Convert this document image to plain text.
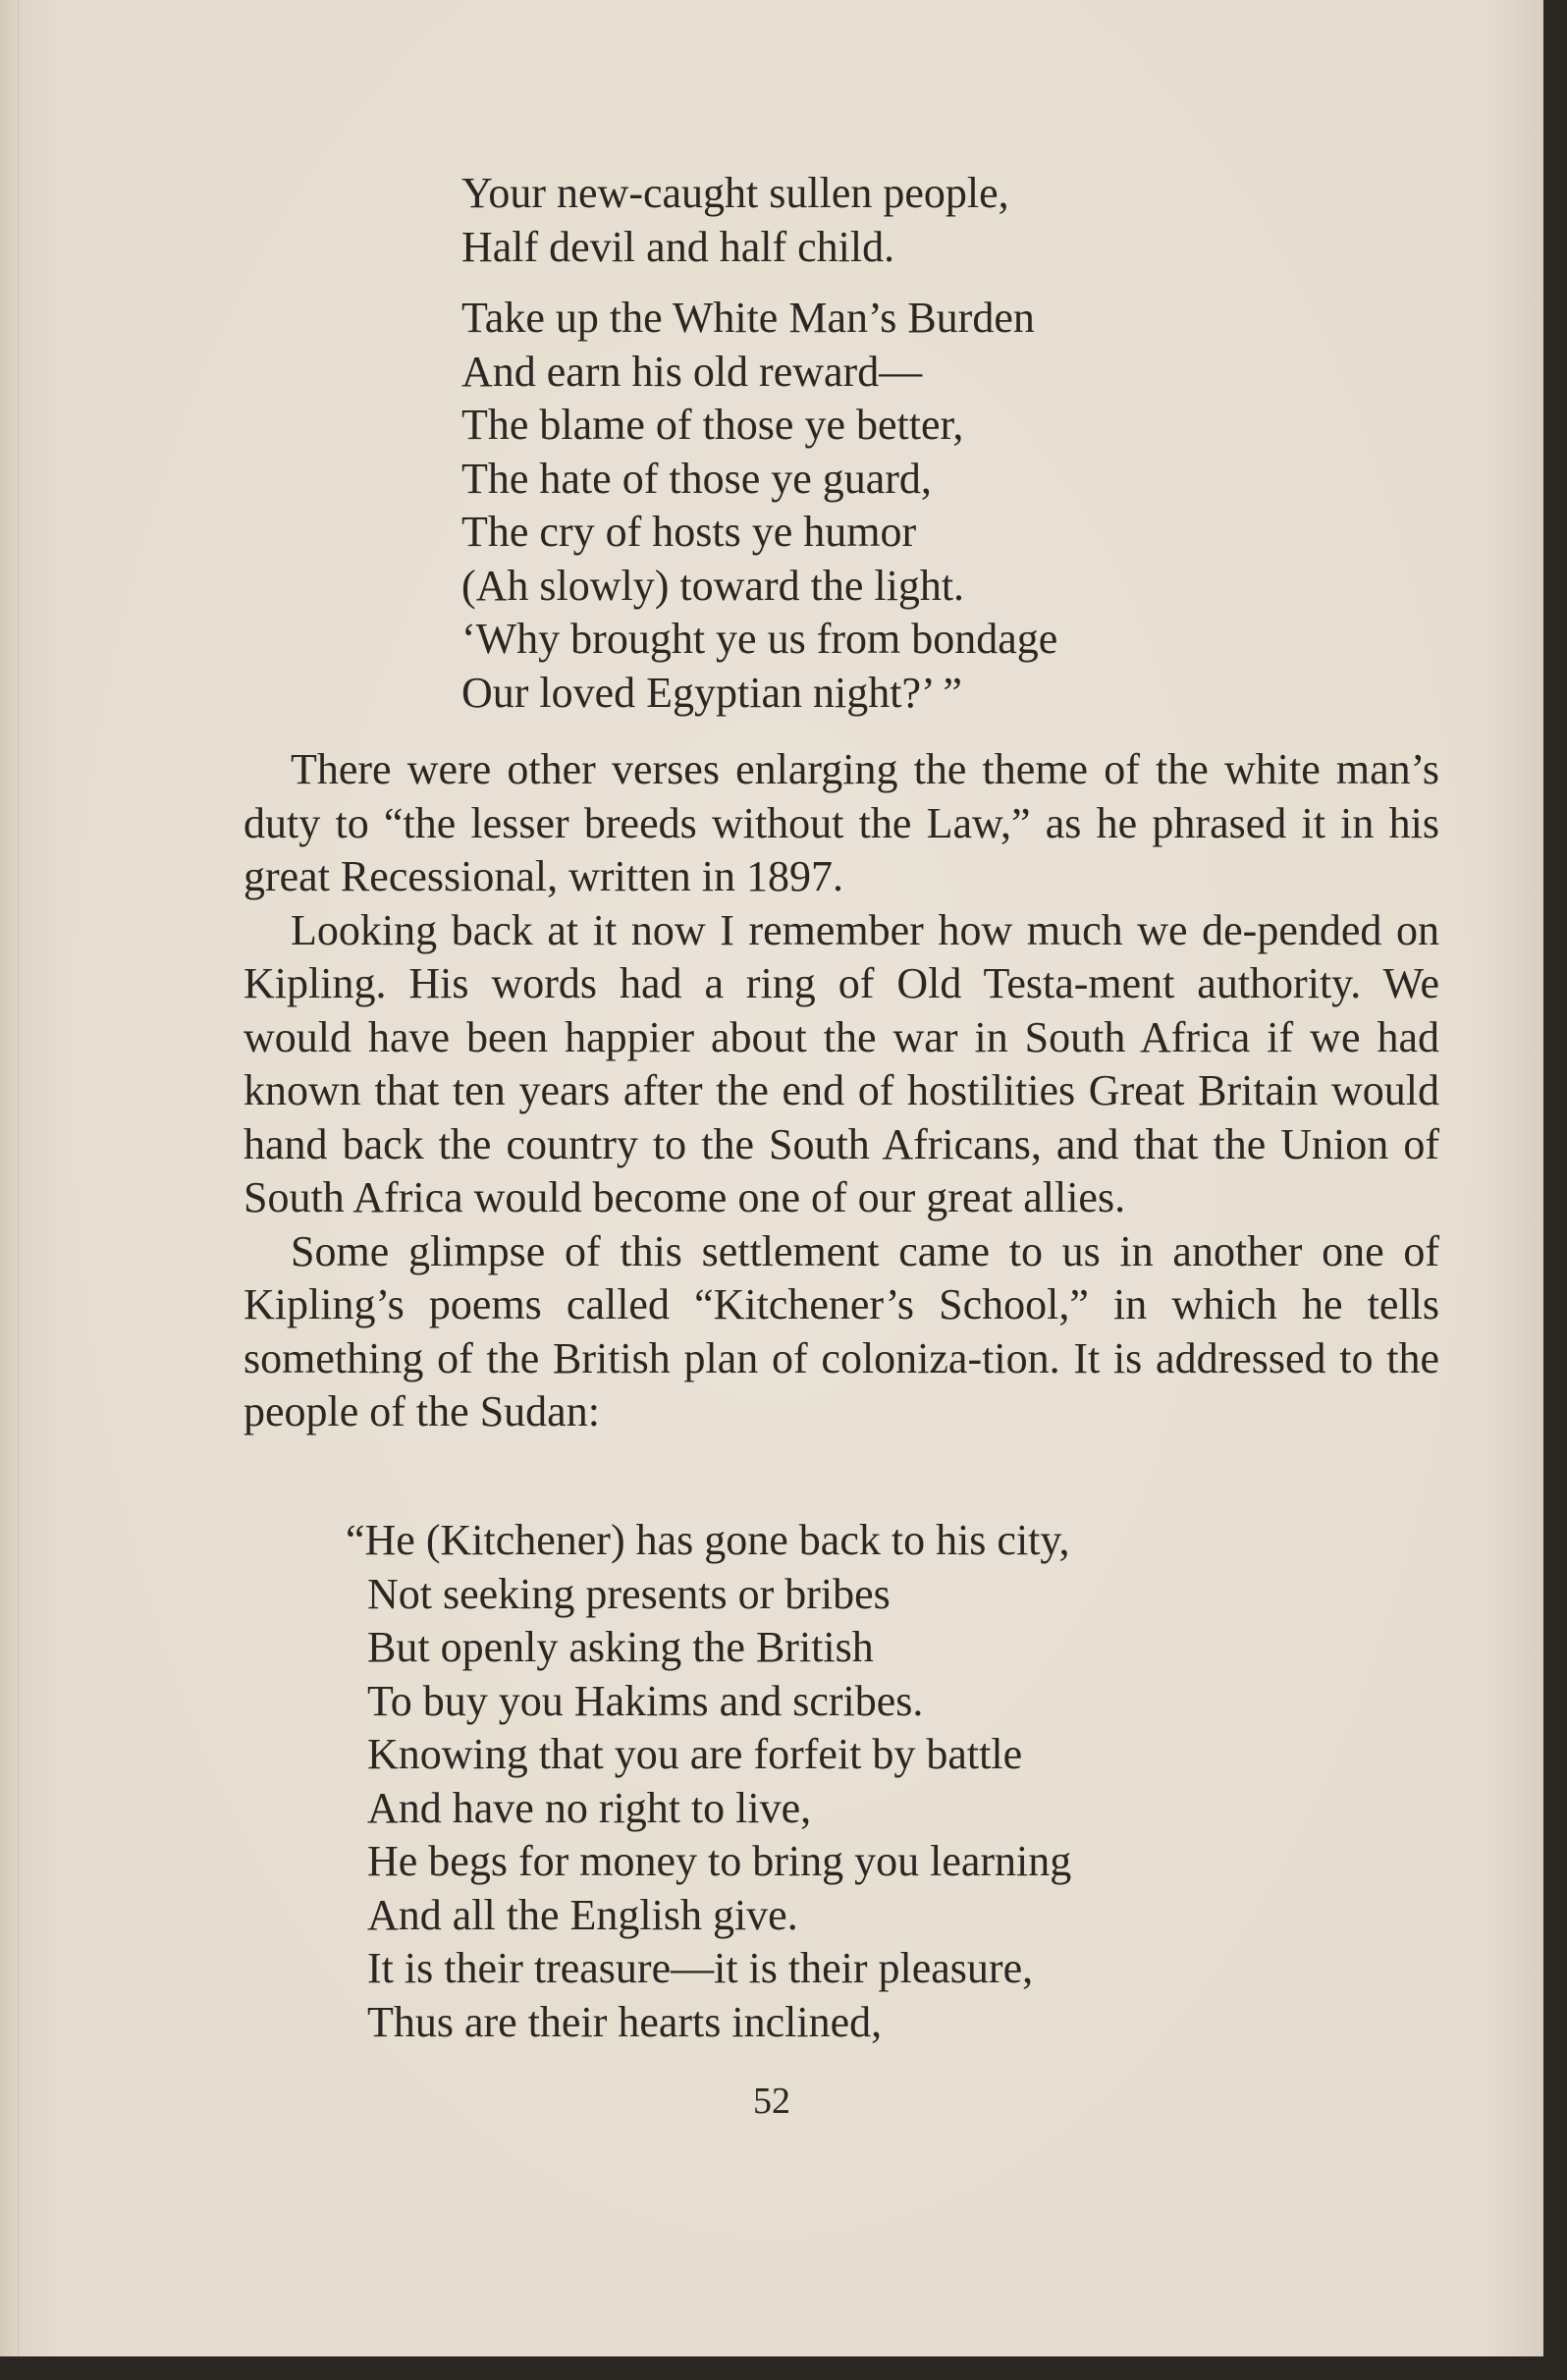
Your new-caught sullen people,
Half devil and half child.
Take up the White Man’s Burden
And earn his old reward—
The blame of those ye better,
The hate of those ye guard,
The cry of hosts ye humor
(Ah slowly) toward the light.
‘Why brought ye us from bondage
Our loved Egyptian night?’ ”

There were other verses enlarging the theme of the white man’s duty to “the lesser breeds without the Law,” as he phrased it in his great Recessional, written in 1897.

Looking back at it now I remember how much we de-pended on Kipling. His words had a ring of Old Testa-ment authority. We would have been happier about the war in South Africa if we had known that ten years after the end of hostilities Great Britain would hand back the country to the South Africans, and that the Union of South Africa would become one of our great allies.

Some glimpse of this settlement came to us in another one of Kipling’s poems called “Kitchener’s School,” in which he tells something of the British plan of coloniza-tion. It is addressed to the people of the Sudan:

“He (Kitchener) has gone back to his city,
Not seeking presents or bribes
But openly asking the British
To buy you Hakims and scribes.
Knowing that you are forfeit by battle
And have no right to live,
He begs for money to bring you learning
And all the English give.
It is their treasure—it is their pleasure,
Thus are their hearts inclined,
52
